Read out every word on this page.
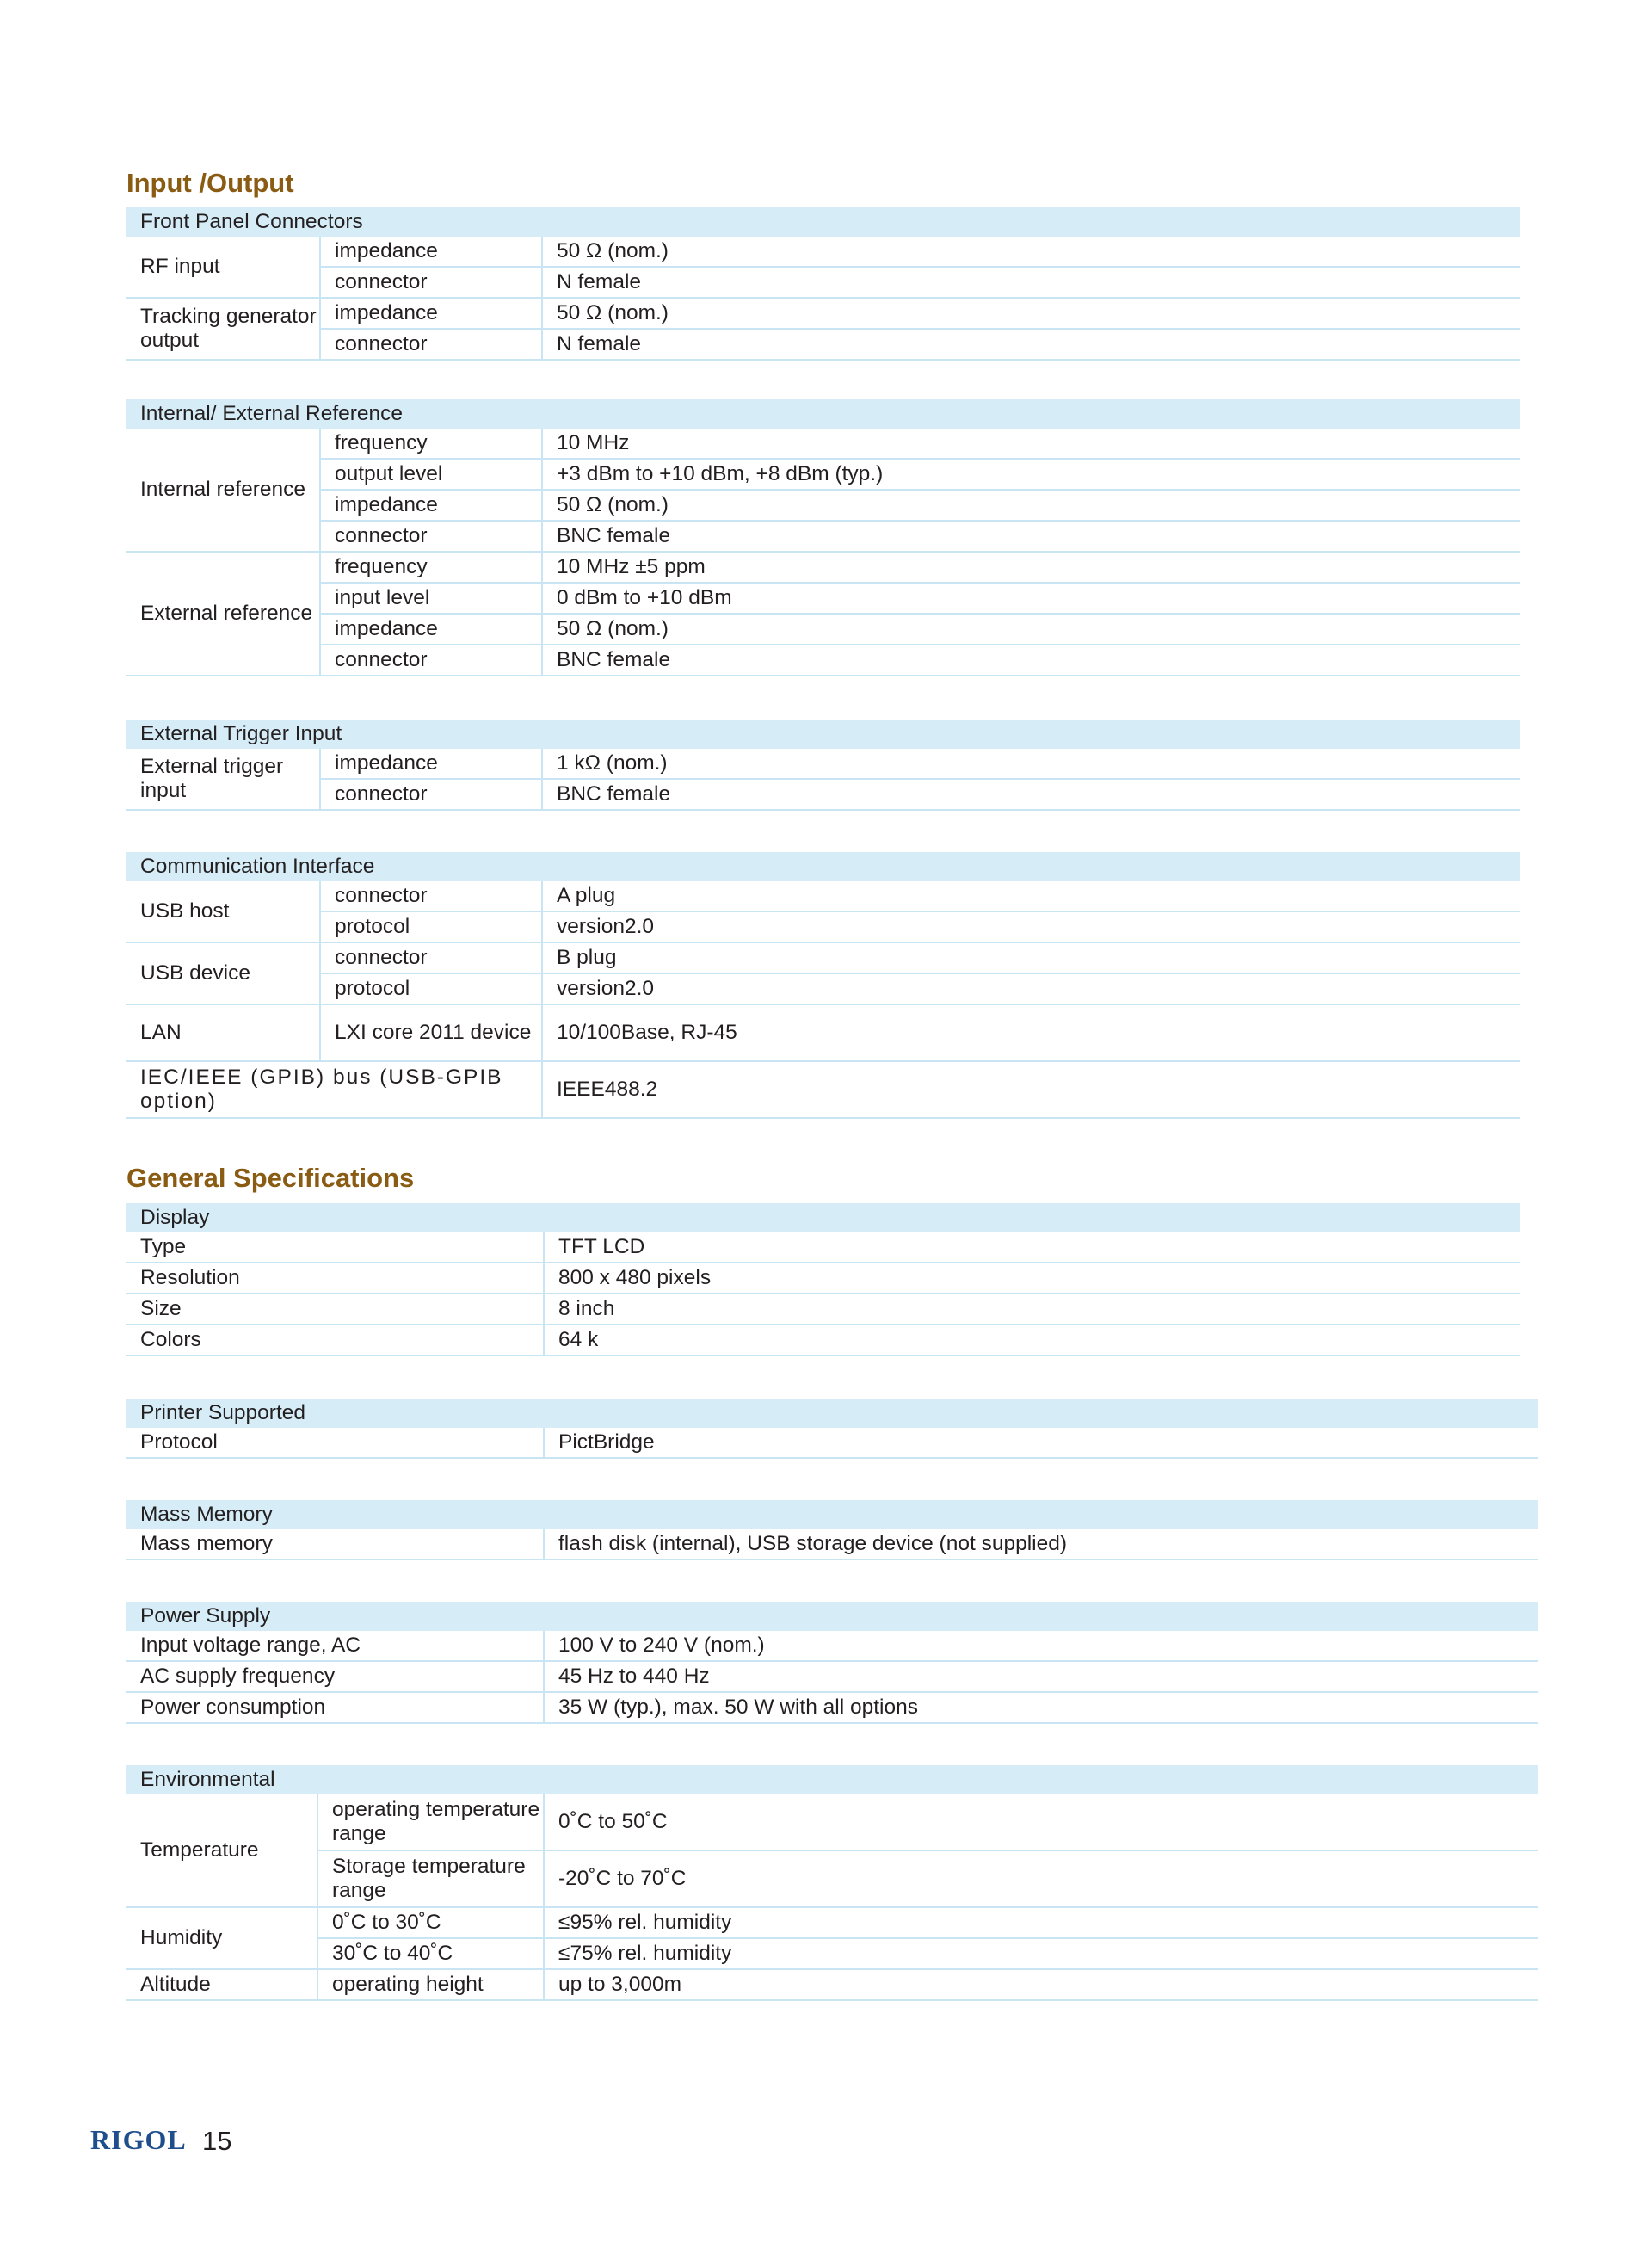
Input /Output
Front Panel Connectors		
RF input	impedance	50 Ω (nom.)
	connector	N female
Tracking generator output	impedance	50 Ω (nom.)
	connector	N female
Internal/ External Reference		
Internal reference	frequency	10 MHz
	output level	+3 dBm to +10 dBm, +8 dBm (typ.)
	impedance	50 Ω (nom.)
	connector	BNC female
External reference	frequency	10 MHz ±5 ppm
	input level	0 dBm to +10 dBm
	impedance	50 Ω (nom.)
	connector	BNC female
External Trigger Input		
External trigger input	impedance	1 kΩ (nom.)
	connector	BNC female
Communication Interface		
USB host	connector	A plug
	protocol	version2.0
USB device	connector	B plug
	protocol	version2.0
LAN	LXI core 2011 device	10/100Base, RJ-45
IEC/IEEE (GPIB) bus (USB-GPIB option)		IEEE488.2
General Specifications
Display	
Type	TFT LCD
Resolution	800 x 480 pixels
Size	8 inch
Colors	64 k
Printer Supported
Protocol	PictBridge
Mass Memory
Mass memory	flash disk (internal), USB storage device (not supplied)
Power Supply	
Input voltage range, AC	100 V to 240 V (nom.)
AC supply frequency	45 Hz to 440 Hz
Power consumption	35 W (typ.), max. 50 W with all options
Environmental		
Temperature	operating temperature range	0˚C to 50˚C
	Storage temperature range	-20˚C to 70˚C
Humidity	0˚C to 30˚C	≤95% rel. humidity
	30˚C to 40˚C	≤75% rel. humidity
Altitude	operating height	up to 3,000m
RIGOL 15
